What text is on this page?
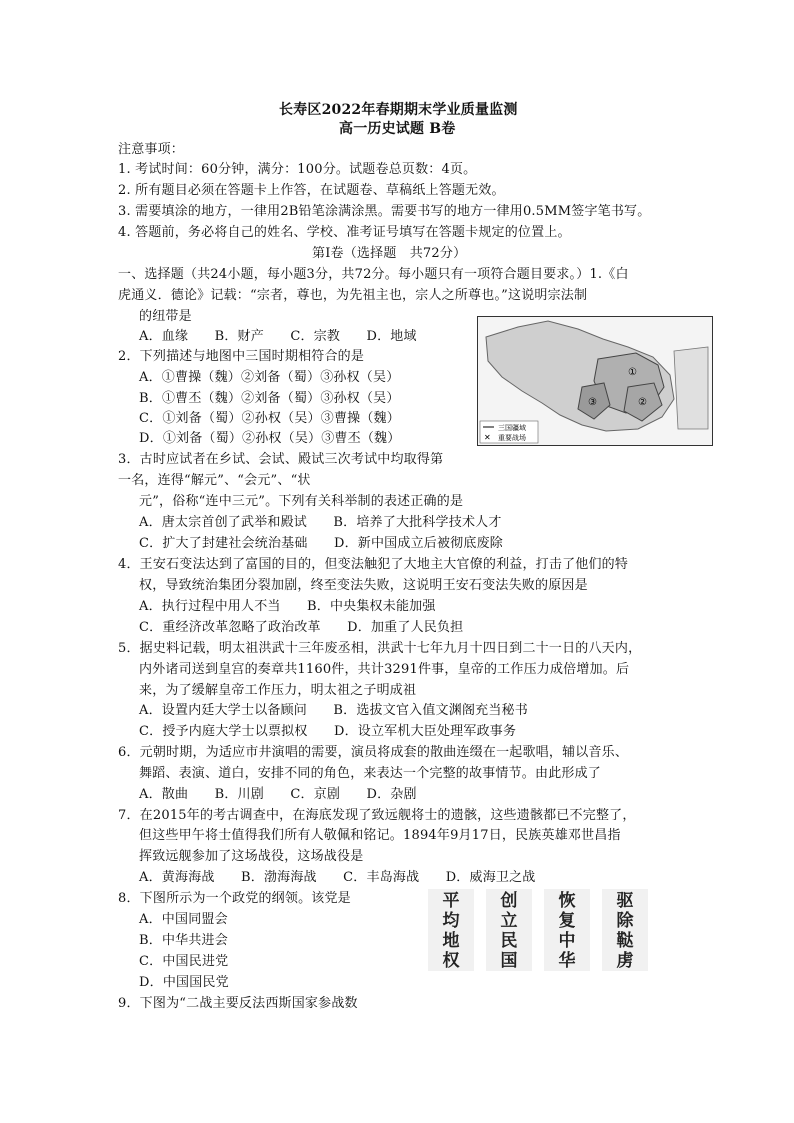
长寿区2022年春期期末学业质量监测
高一历史试题 B卷
注意事项：
1. 考试时间：60分钟，满分：100分。试题卷总页数：4页。
2. 所有题目必须在答题卡上作答，在试题卷、草稿纸上答题无效。
3. 需要填涂的地方，一律用2B铅笔涂满涂黑。需要书写的地方一律用0.5MM签字笔书写。
4. 答题前，务必将自己的姓名、学校、准考证号填写在答题卡规定的位置上。
第Ⅰ卷（选择题　共72分）
一、选择题（共24小题，每小题3分，共72分。每小题只有一项符合题目要求。）1.《白
虎通义．德论》记载：“宗者，尊也，为先祖主也，宗人之所尊也。”这说明宗法制
的纽带是
A．血缘　　B．财产　　C．宗教　　D．地域
2．下列描述与地图中三国时期相符合的是
A．①曹操（魏）②刘备（蜀）③孙权（吴）
B．①曹丕（魏）②刘备（蜀）③孙权（吴）
C．①刘备（蜀）②孙权（吴）③曹操（魏）
D．①刘备（蜀）②孙权（吴）③曹丕（魏）
①
②
③
三国疆域
✕ 重要战场
3．古时应试者在乡试、会试、殿试三次考试中均取得第
一名，连得“解元”、“会元”、“状
元”，俗称“连中三元”。下列有关科举制的表述正确的是
A．唐太宗首创了武举和殿试　　B．培养了大批科学技术人才
C．扩大了封建社会统治基础　　D．新中国成立后被彻底废除
4．王安石变法达到了富国的目的，但变法触犯了大地主大官僚的利益，打击了他们的特
权，导致统治集团分裂加剧，终至变法失败，这说明王安石变法失败的原因是
A．执行过程中用人不当　　B．中央集权未能加强
C．重经济改革忽略了政治改革　　D．加重了人民负担
5．据史料记载，明太祖洪武十三年废丞相，洪武十七年九月十四日到二十一日的八天内，
内外诸司送到皇宫的奏章共1160件，共计3291件事，皇帝的工作压力成倍增加。后
来，为了缓解皇帝工作压力，明太祖之子明成祖
A．设置内廷大学士以备顾问　　B．选拔文官入值文渊阁充当秘书
C．授予内庭大学士以票拟权　　D．设立军机大臣处理军政事务
6．元朝时期，为适应市井演唱的需要，演员将成套的散曲连缀在一起歌唱，辅以音乐、
舞蹈、表演、道白，安排不同的角色，来表达一个完整的故事情节。由此形成了
A．散曲　　B．川剧　　C．京剧　　D．杂剧
7．在2015年的考古调查中，在海底发现了致远舰将士的遗骸，这些遗骸都已不完整了，
但这些甲午将士值得我们所有人敬佩和铭记。1894年9月17日，民族英雄邓世昌指
挥致远舰参加了这场战役，这场战役是
A．黄海海战　　B．渤海海战　　C．丰岛海战　　D．威海卫之战
8．下图所示为一个政党的纲领。该党是
A．中国同盟会
B．中华共进会
C．中国民进党
D．中国国民党
平
均
地
权
创
立
民
国
恢
复
中
华
驱
除
鞑
虏
9．下图为“二战主要反法西斯国家参战数
